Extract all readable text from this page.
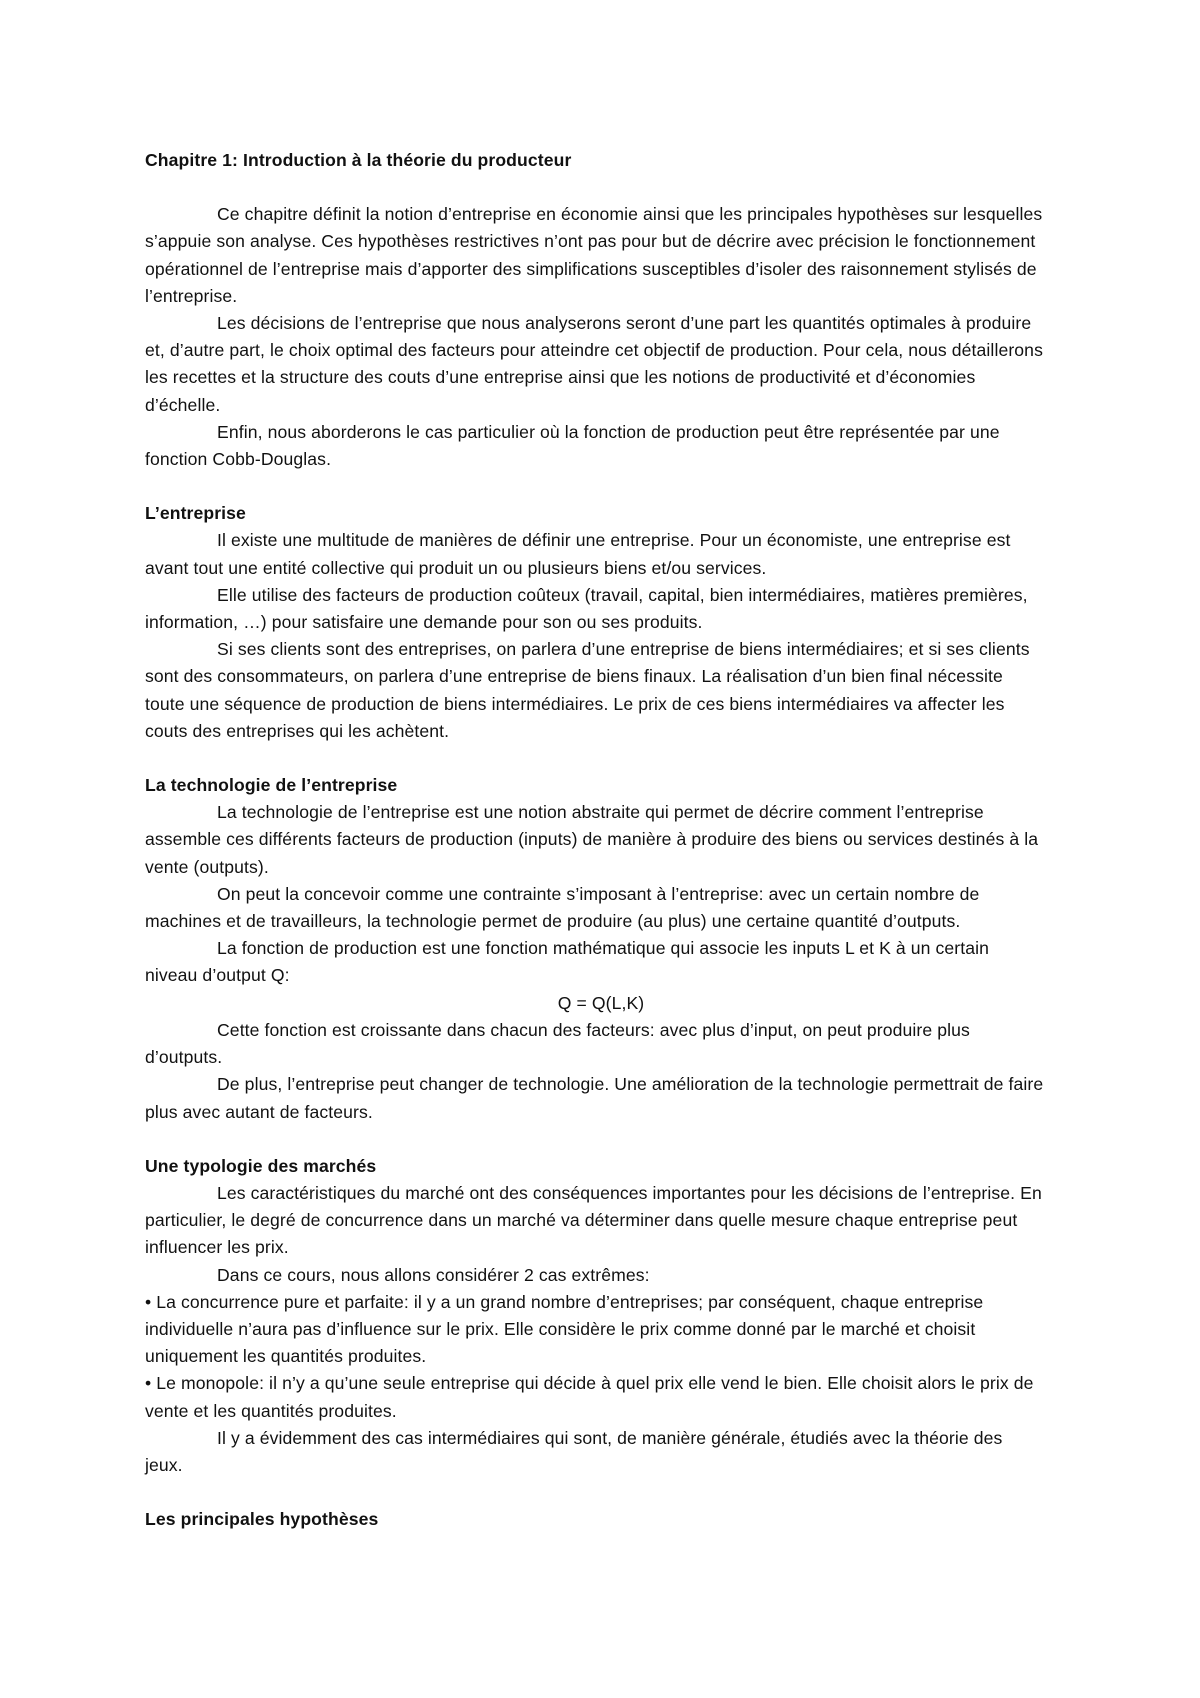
Chapitre 1: Introduction à la théorie du producteur

Ce chapitre définit la notion d’entreprise en économie ainsi que les principales hypothèses sur lesquelles s’appuie son analyse. Ces hypothèses restrictives n’ont pas pour but de décrire avec précision le fonctionnement opérationnel de l’entreprise mais d’apporter des simplifications susceptibles d’isoler des raisonnement stylisés de l’entreprise.

Les décisions de l’entreprise que nous analyserons seront d’une part les quantités optimales à produire et, d’autre part, le choix optimal des facteurs pour atteindre cet objectif de production. Pour cela, nous détaillerons les recettes et la structure des couts d’une entreprise ainsi que les notions de productivité et d’économies d’échelle.

Enfin, nous aborderons le cas particulier où la fonction de production peut être représentée par une fonction Cobb-Douglas.

L’entreprise

Il existe une multitude de manières de définir une entreprise. Pour un économiste, une entreprise est avant tout une entité collective qui produit un ou plusieurs biens et/ou services.

Elle utilise des facteurs de production coûteux (travail, capital, bien intermédiaires, matières premières, information, …) pour satisfaire une demande pour son ou ses produits.

Si ses clients sont des entreprises, on parlera d’une entreprise de biens intermédiaires; et si ses clients sont des consommateurs, on parlera d’une entreprise de biens finaux. La réalisation d’un bien final nécessite toute une séquence de production de biens intermédiaires. Le prix de ces biens intermédiaires va affecter les couts des entreprises qui les achètent.

La technologie de l’entreprise

La technologie de l’entreprise est une notion abstraite qui permet de décrire comment l’entreprise assemble ces différents facteurs de production (inputs) de manière à produire des biens ou services destinés à la vente (outputs).

On peut la concevoir comme une contrainte s’imposant à l’entreprise: avec un certain nombre de machines et de travailleurs, la technologie permet de produire (au plus) une certaine quantité d’outputs.

La fonction de production est une fonction mathématique qui associe les inputs L et K à un certain niveau d’output Q:

Q = Q(L,K)

Cette fonction est croissante dans chacun des facteurs: avec plus d’input, on peut produire plus d’outputs.

De plus, l’entreprise peut changer de technologie. Une amélioration de la technologie permettrait de faire plus avec autant de facteurs.

Une typologie des marchés

Les caractéristiques du marché ont des conséquences importantes pour les décisions de l’entreprise. En particulier, le degré de concurrence dans un marché va déterminer dans quelle mesure chaque entreprise peut influencer les prix.

Dans ce cours, nous allons considérer 2 cas extrêmes:

• La concurrence pure et parfaite: il y a un grand nombre d’entreprises; par conséquent, chaque entreprise individuelle n’aura pas d’influence sur le prix. Elle considère le prix comme donné par le marché et choisit uniquement les quantités produites.

• Le monopole: il n’y a qu’une seule entreprise qui décide à quel prix elle vend le bien. Elle choisit alors le prix de vente et les quantités produites.

Il y a évidemment des cas intermédiaires qui sont, de manière générale, étudiés avec la théorie des jeux.

Les principales hypothèses
